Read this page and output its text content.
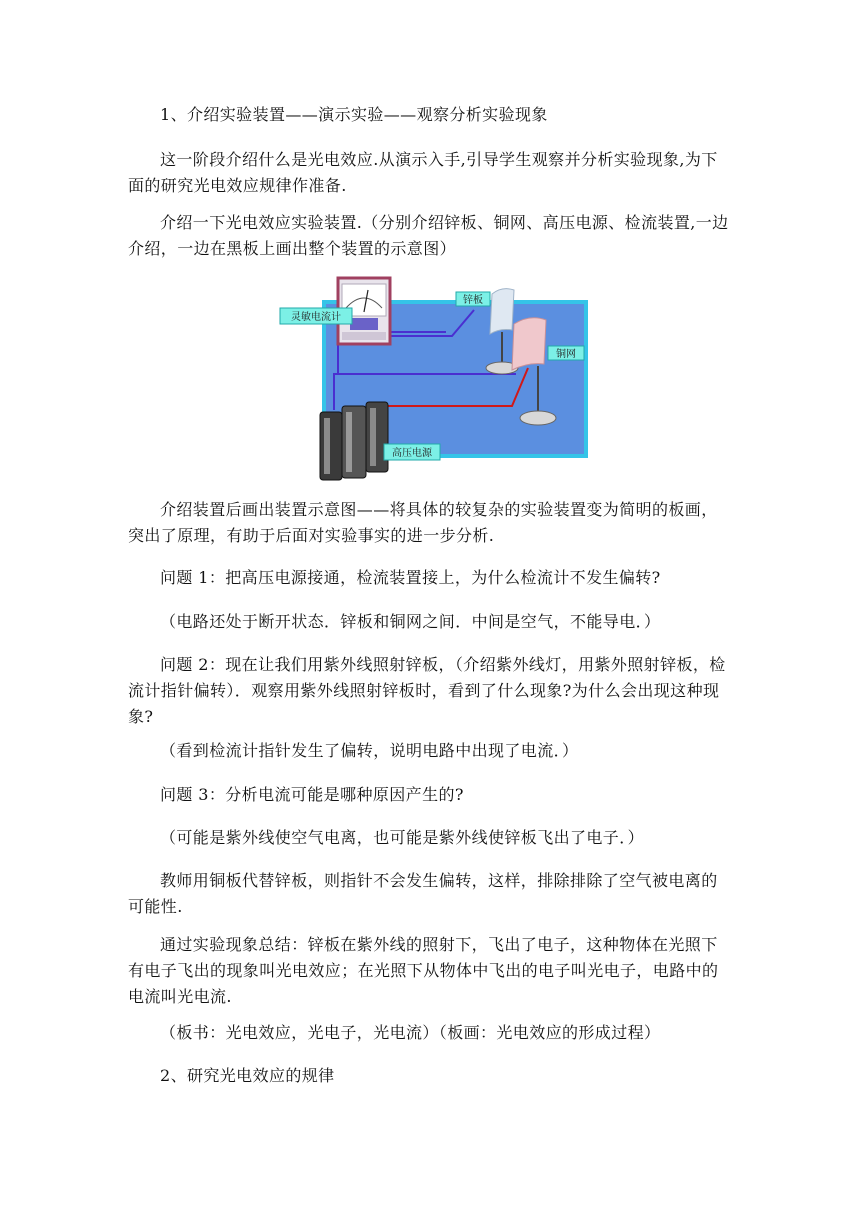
1、介绍实验装置——演示实验——观察分析实验现象

这一阶段介绍什么是光电效应.从演示入手,引导学生观察并分析实验现象,为下面的研究光电效应规律作准备.

介绍一下光电效应实验装置.（分别介绍锌板、铜网、高压电源、检流装置,一边介绍，一边在黑板上画出整个装置的示意图）

灵敏电流计
锌板
铜网
高压电源

介绍装置后画出装置示意图——将具体的较复杂的实验装置变为简明的板画，突出了原理，有助于后面对实验事实的进一步分析.

问题 1：把高压电源接通，检流装置接上，为什么检流计不发生偏转?

（电路还处于断开状态．锌板和铜网之间．中间是空气，不能导电．）

问题 2：现在让我们用紫外线照射锌板，（介绍紫外线灯，用紫外照射锌板，检流计指针偏转）．观察用紫外线照射锌板时，看到了什么现象?为什么会出现这种现象?

（看到检流计指针发生了偏转，说明电路中出现了电流．）

问题 3：分析电流可能是哪种原因产生的?

（可能是紫外线使空气电离，也可能是紫外线使锌板飞出了电子．）

教师用铜板代替锌板，则指针不会发生偏转，这样，排除排除了空气被电离的可能性.

通过实验现象总结：锌板在紫外线的照射下，飞出了电子，这种物体在光照下有电子飞出的现象叫光电效应；在光照下从物体中飞出的电子叫光电子，电路中的电流叫光电流.

（板书：光电效应，光电子，光电流）（板画：光电效应的形成过程）

2、研究光电效应的规律
